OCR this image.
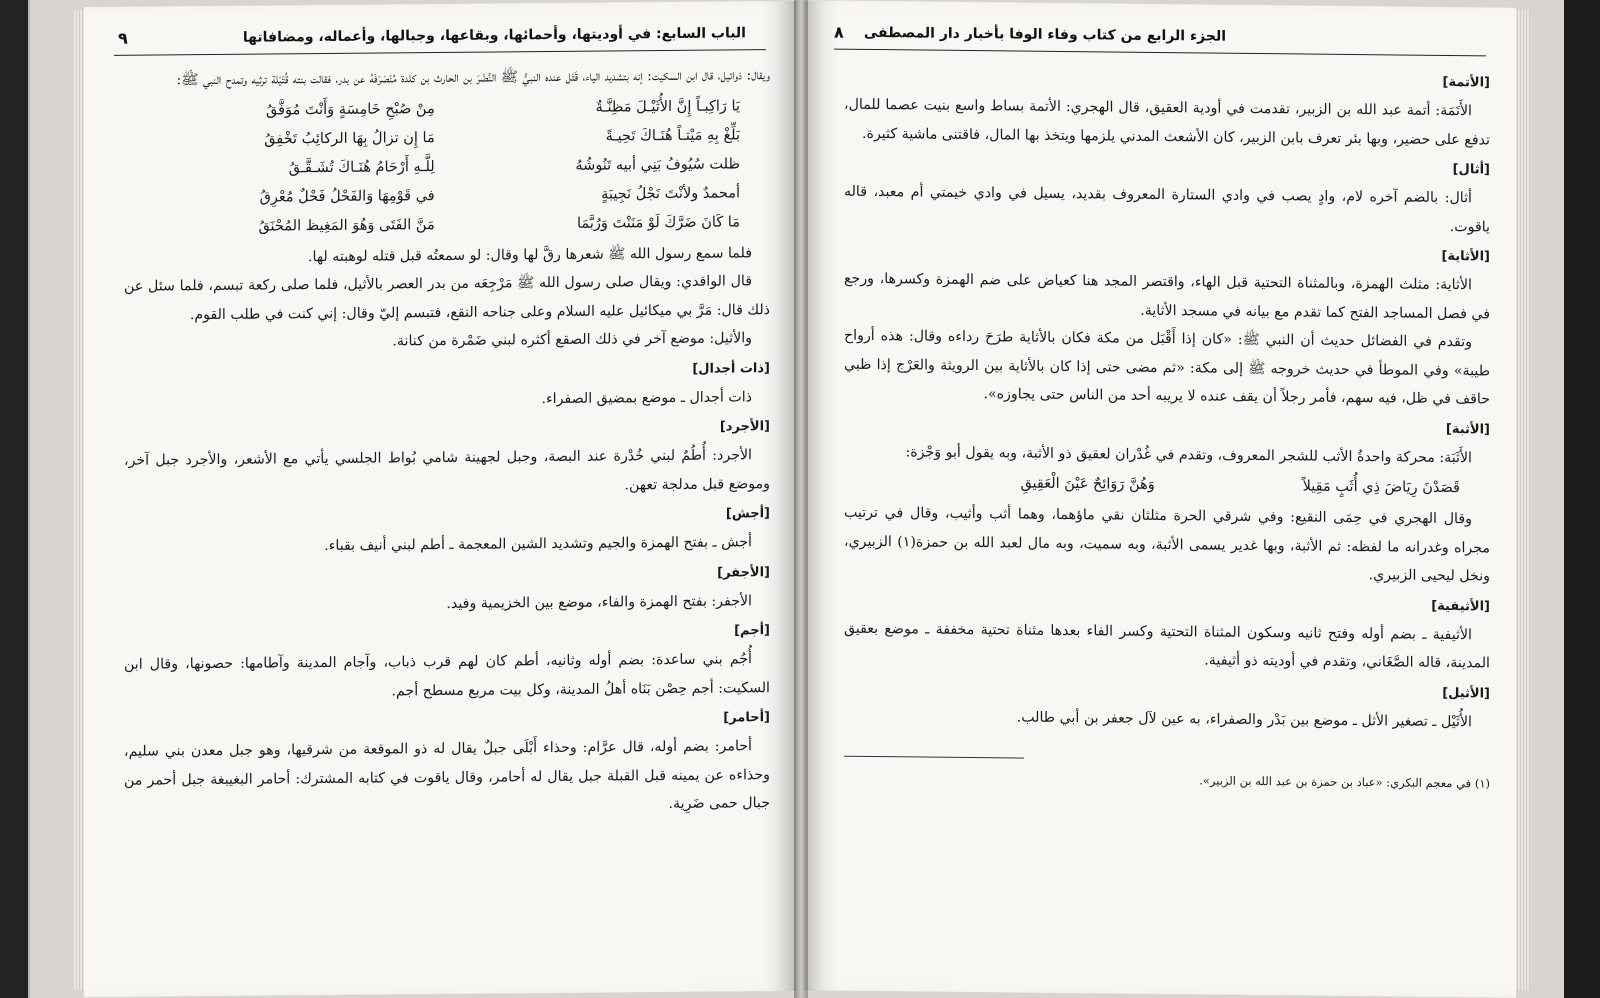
الباب السابع: في أوديتها، وأحمائها، وبقاعها، وجبالها، وأعماله، ومضافاتها
٩

ويقال: ذوائيل، قال ابن السكيت: إنه بتشديد الياء، قَتَل عنده النبيُّ ﷺ النَّضْرَ بن الحارث بن كلدة مُنْصَرَفَهُ عن بدر، فقالت بنته قُتَيْلة ترثيه وتمدح النبي ﷺ:

يَا رَاكِبـاً إِنَّ الأُثَيْـلَ مَظِنَّـةٌ
مِنْ صُبْحِ خَامِسَةٍ وَأَنْتَ مُوَفَّقُ
بَلِّغْ بِهِ مَيْتـاً هُنَـاكَ تَحِيـةً
مَا إِن تزالُ بِهَا الركائِبُ تَخْفِقُ
ظلت سُيُوفُ بَنِي أبيه تَنُوشُهُ
لِلَّـهِ أَرْحَامُ هُنَـاكَ تُشَـقَّـقُ
أمحمدٌ ولأنْتَ نَجْلُ نَجِيبَةٍ
في قَوْمِهَا وَالفَحْلُ فَحْلٌ مُعْرِقُ
مَا كَانَ ضَرَّكَ لَوْ مَنَنْتَ وَرُبَّمَا
مَنَّ الفَتَى وَهُوَ المَغِيظ المُحْنَقُ

فلما سمع رسول الله ﷺ شعرها رقَّ لها وقال: لو سمعتُه قبل قتله لوهبته لها.

قال الواقدي: ويقال صلى رسول الله ﷺ مَرْجِعَه من بدر العصر بالأثيل، فلما صلى ركعة تبسم، فلما سئل عن ذلك قال: مَرَّ بي ميكائيل عليه السلام وعلى جناحه النقع، فتبسم إليّ وقال: إني كنت في طلب القوم.

والأثيل: موضع آخر في ذلك الصقع أكثره لبني ضَمْرة من كنانة.

[ذات أجدال]

ذات أجدال ـ موضع بمضيق الصفراء.

[الأجرد]

الأجرد: أُطُمٌ لبني خُدْرة عند البصة، وجبل لجهينة شامي بُواط الجلسي يأتي مع الأشعر، والأجرد جبل آخر، وموضع قبل مدلجة تعهن.

[أجش]

أجش ـ بفتح الهمزة والجيم وتشديد الشين المعجمة ـ أطم لبني أنيف بقباء.

[الأجفر]

الأجفر: بفتح الهمزة والفاء، موضع بين الخزيمية وفيد.

[أجم]

أُجُم بني ساعدة: بضم أوله وثانيه، أطم كان لهم قرب ذباب، وآجام المدينة وآطامها: حصونها، وقال ابن السكيت: أجم حِصْن بَنَاه أهلُ المدينة، وكل بيت مربع مسطح أجم.

[أحامر]

أحامر: بضم أوله، قال عرَّام: وحذاء أَبْلَى جبلٌ يقال له ذو الموقعة من شرقيها، وهو جبل معدن بني سليم، وحذاءه عن يمينه قبل القبلة جبل يقال له أحامر، وقال ياقوت في كتابه المشترك: أحامر البغيبغة جبل أحمر من جبال حمى ضَرِية.

الجزء الرابع من كتاب وفاء الوفا بأخبار دار المصطفى
٨
[الأتمة]

الأَتَمَة: أتمة عبد الله بن الزبير، تقدمت في أودية العقيق، قال الهجري: الأتمة بساط واسع بنيت عصما للمال، تدفع على حضير، وبها بئر تعرف بابن الزبير، كان الأشعث المدني يلزمها ويتخذ بها المال، فاقتنى ماشية كثيرة.

[أثال]

أثال: بالضم آخره لام، وادٍ يصب في وادي الستارة المعروف بقديد، يسيل في وادي خيمتي أم معبد، قاله ياقوت.

[الأثاية]

الأثاية: مثلث الهمزة، وبالمثناة التحتية قبل الهاء، واقتصر المجد هنا كعياض على ضم الهمزة وكسرها، ورجع في فصل المساجد الفتح كما تقدم مع بيانه في مسجد الأثاية.

وتقدم في الفضائل حديث أن النبي ﷺ: «كان إذا أَقْبَل من مكة فكان بالأثاية طرَحَ رداءه وقال: هذه أرواح طيبة» وفي الموطأ في حديث خروجه ﷺ إلى مكة: «ثم مضى حتى إذا كان بالأثاية بين الرويثة والعَرْج إذا ظبي حاقف في ظل، فيه سهم، فأمر رجلاً أن يقف عنده لا يريبه أحد من الناس حتى يجاوزه».

[الأثبة]

الأَثَبَة: محركة واحدةُ الأثب للشجر المعروف، وتقدم في غُدْران لعقيق ذو الأثبة، وبه يقول أبو وَجْزة:

قَصَدْنَ رِيَاضَ ذِي أُثَبٍ مَقِيلاً
وَهُنَّ رَوَائِحٌ عَيْنَ الْعَقِيقِ

وقال الهجري في حِمَى النقيع: وفي شرقي الحرة مثلثان نقي ماؤهما، وهما أثب وأثيب، وقال في ترتيب مجراه وغدرانه ما لفظه: ثم الأثبة، وبها غدير يسمى الأثبة، وبه سميت، وبه مال لعبد الله بن حمزة(١) الزبيري، ونخل ليحيى الزبيري.

[الأثيفية]

الأثيفية ـ بضم أوله وفتح ثانيه وسكون المثناة التحتية وكسر الفاء بعدها مثناة تحتية مخففة ـ موضع بعقيق المدينة، قاله الصَّغَاني، وتقدم في أوديته ذو أثيفية.

[الأثيل]

الأُثَيْل ـ تصغير الأثل ـ موضع بين بَدْر والصفراء، به عين لآل جعفر بن أبي طالب.

(١) في معجم البكري: «عباد بن حمزة بن عبد الله بن الزبير».
